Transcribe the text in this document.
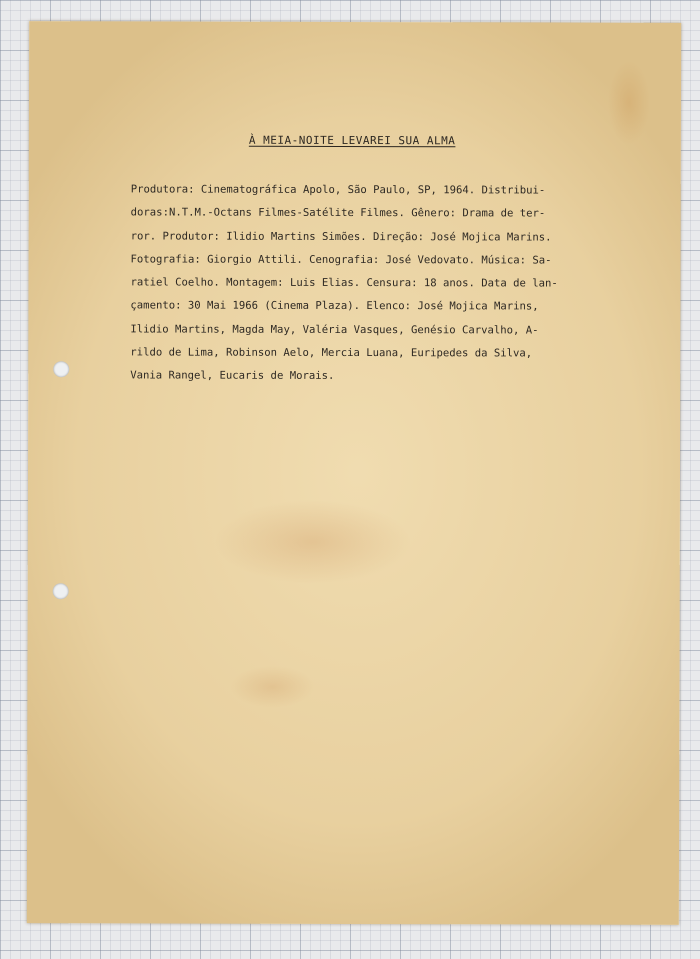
À MEIA-NOITE LEVAREI SUA ALMA

Produtora: Cinematográfica Apolo, São Paulo, SP, 1964. Distribui-
doras:N.T.M.-Octans Filmes-Satélite Filmes. Gênero: Drama de ter-
ror. Produtor: Ilidio Martins Simões. Direção: José Mojica Marins.
Fotografia: Giorgio Attili. Cenografia: José Vedovato. Música: Sa-
ratiel Coelho. Montagem: Luis Elias. Censura: 18 anos. Data de lan-
çamento: 30 Mai 1966 (Cinema Plaza). Elenco: José Mojica Marins,
Ilidio Martins, Magda May, Valéria Vasques, Genésio Carvalho, A-
rildo de Lima, Robinson Aelo, Mercia Luana, Euripedes da Silva,
Vania Rangel, Eucaris de Morais.
